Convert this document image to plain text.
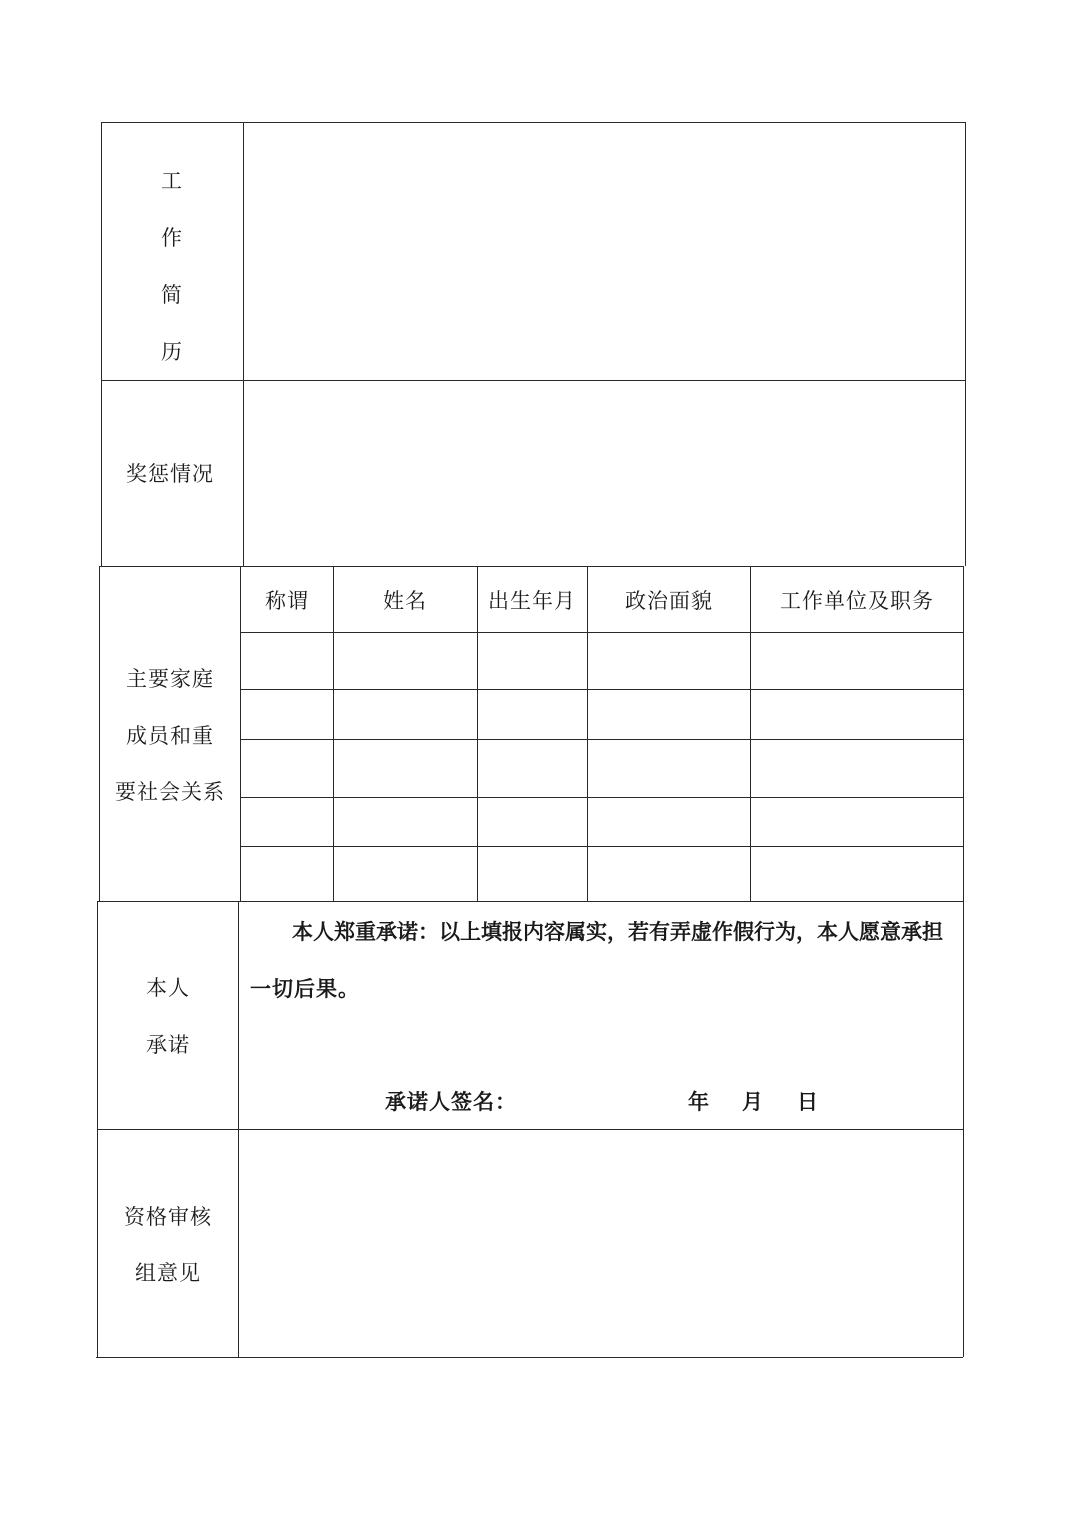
工
作
简
历
奖惩情况
主要家庭
成员和重
要社会关系
称谓	姓名	出生年月 政治面貌	工作单位及职务
本人
承诺
本人郑重承诺：以上填报内容属实，若有弄虚作假行为，本人愿意承担
一切后果。
承诺人签名：	年 月 日
资格审核
组意见
